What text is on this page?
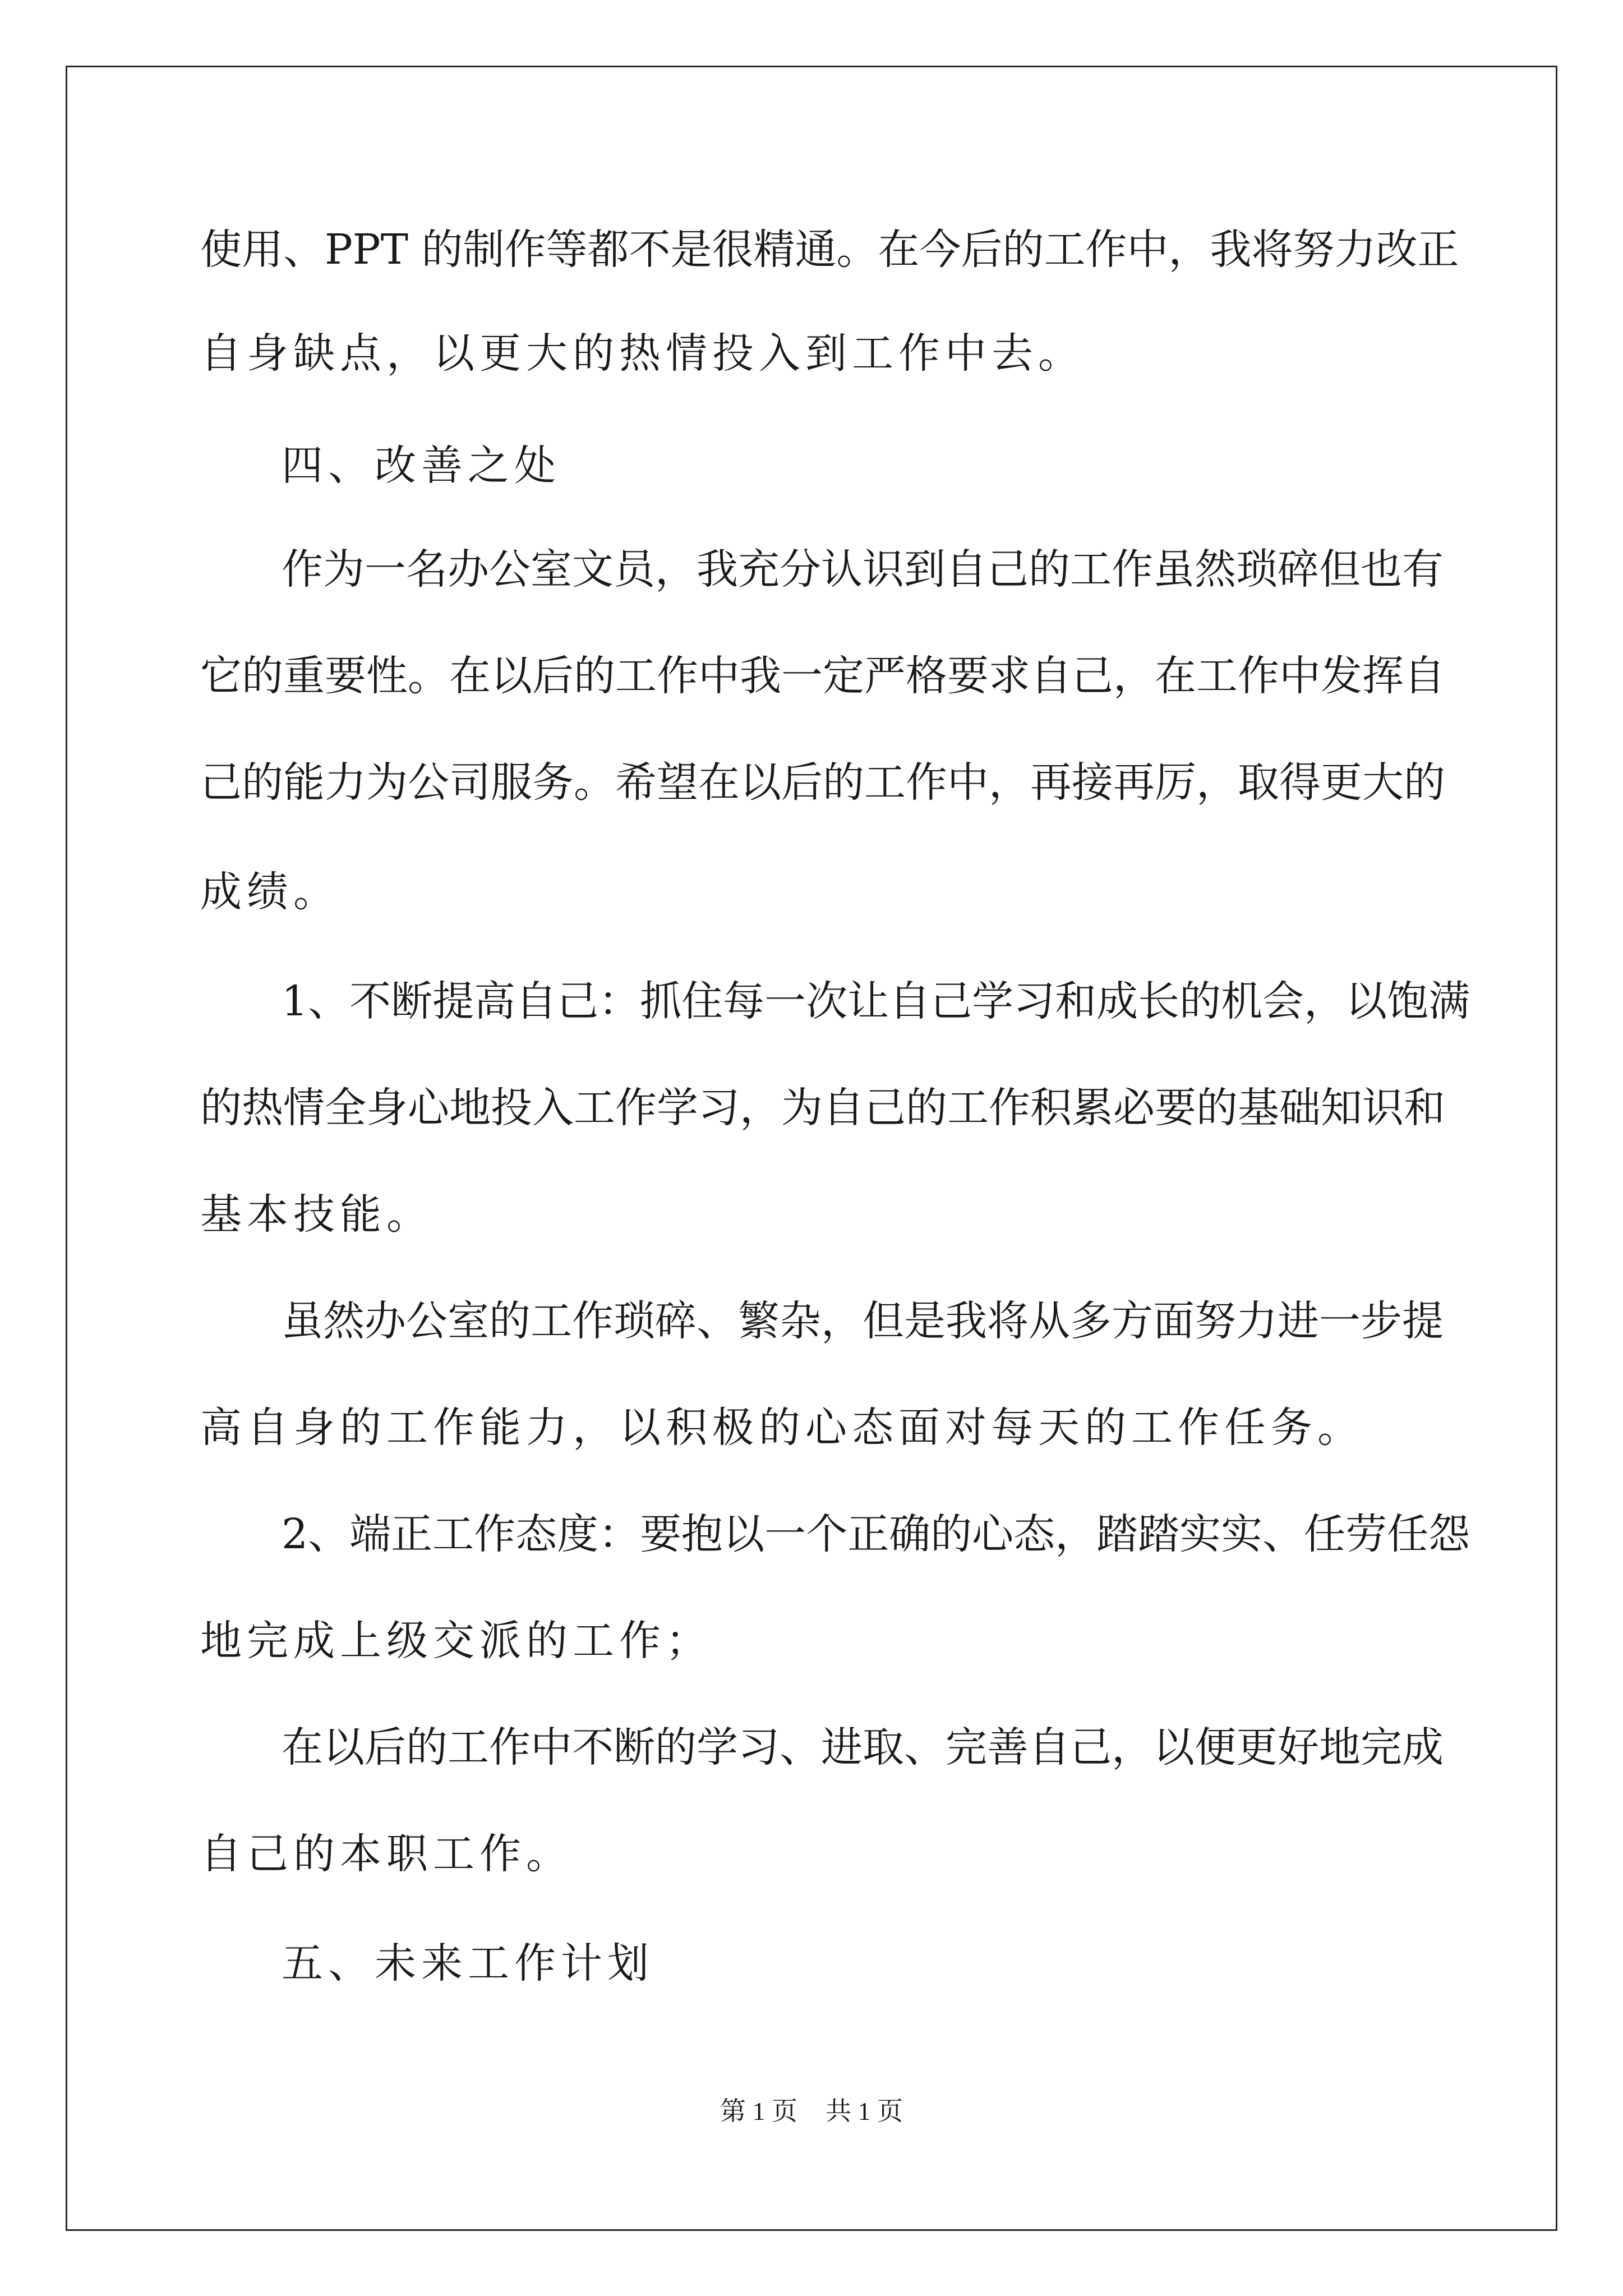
使用、PPT 的制作等都不是很精通。在今后的工作中，我将努力改正
自身缺点，以更大的热情投入到工作中去。
四、改善之处
作为一名办公室文员，我充分认识到自己的工作虽然琐碎但也有
它的重要性。在以后的工作中我一定严格要求自己，在工作中发挥自
己的能力为公司服务。希望在以后的工作中，再接再厉，取得更大的
成绩。
1、不断提高自己：抓住每一次让自己学习和成长的机会，以饱满
的热情全身心地投入工作学习，为自己的工作积累必要的基础知识和
基本技能。
虽然办公室的工作琐碎、繁杂，但是我将从多方面努力进一步提
高自身的工作能力，以积极的心态面对每天的工作任务。
2、端正工作态度：要抱以一个正确的心态，踏踏实实、任劳任怨
地完成上级交派的工作；
在以后的工作中不断的学习、进取、完善自己，以便更好地完成
自己的本职工作。
五、未来工作计划
第 1 页 共 1 页
